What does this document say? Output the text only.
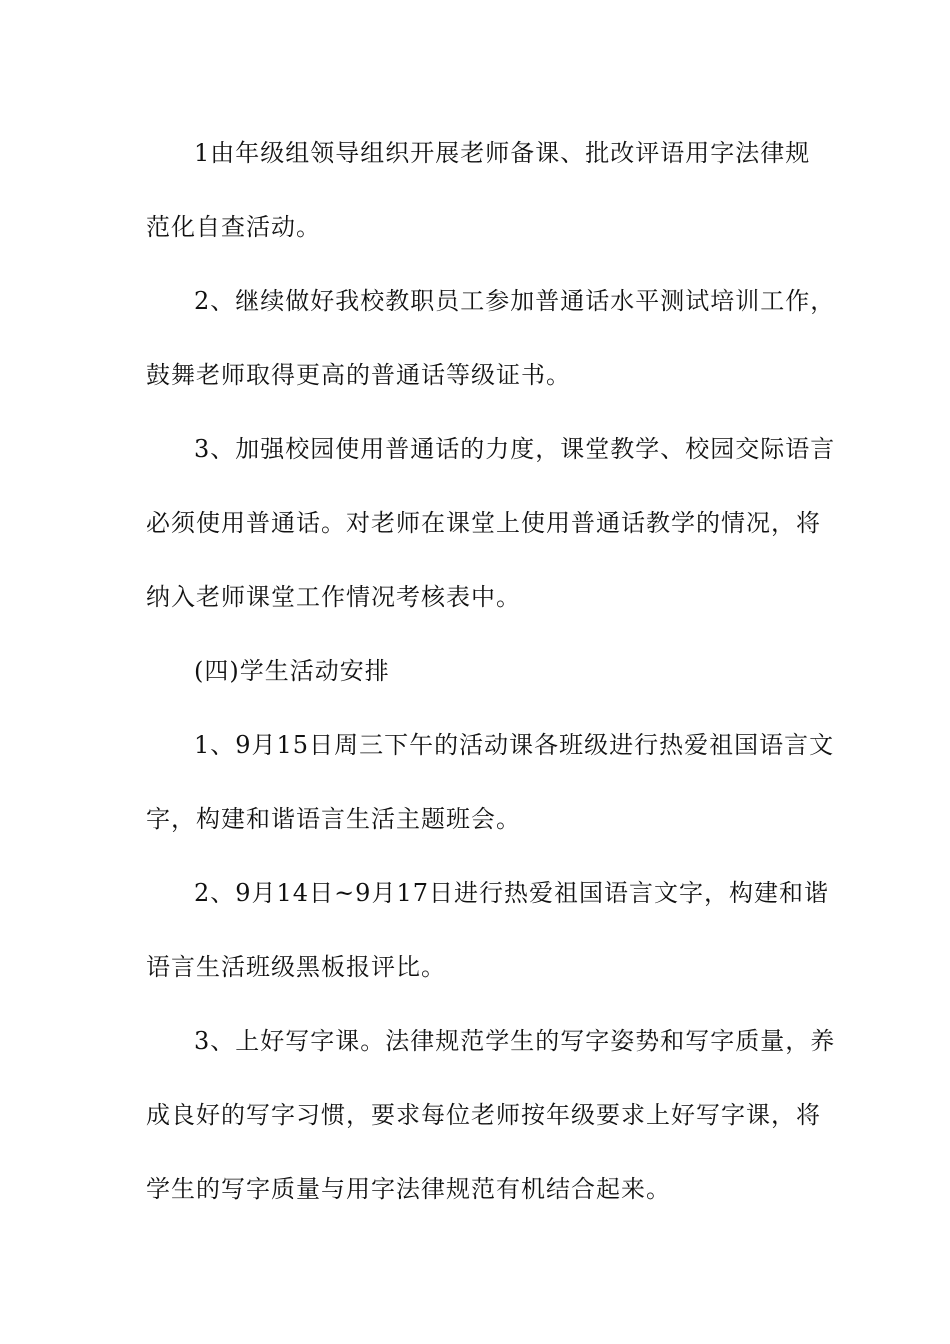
1由年级组领导组织开展老师备课、批改评语用字法律规
范化自查活动。
2、继续做好我校教职员工参加普通话水平测试培训工作，
鼓舞老师取得更高的普通话等级证书。
3、加强校园使用普通话的力度，课堂教学、校园交际语言
必须使用普通话。对老师在课堂上使用普通话教学的情况，将
纳入老师课堂工作情况考核表中。
(四)学生活动安排
1、9月15日周三下午的活动课各班级进行热爱祖国语言文
字，构建和谐语言生活主题班会。
2、9月14日~9月17日进行热爱祖国语言文字，构建和谐
语言生活班级黑板报评比。
3、上好写字课。法律规范学生的写字姿势和写字质量，养
成良好的写字习惯，要求每位老师按年级要求上好写字课，将
学生的写字质量与用字法律规范有机结合起来。
